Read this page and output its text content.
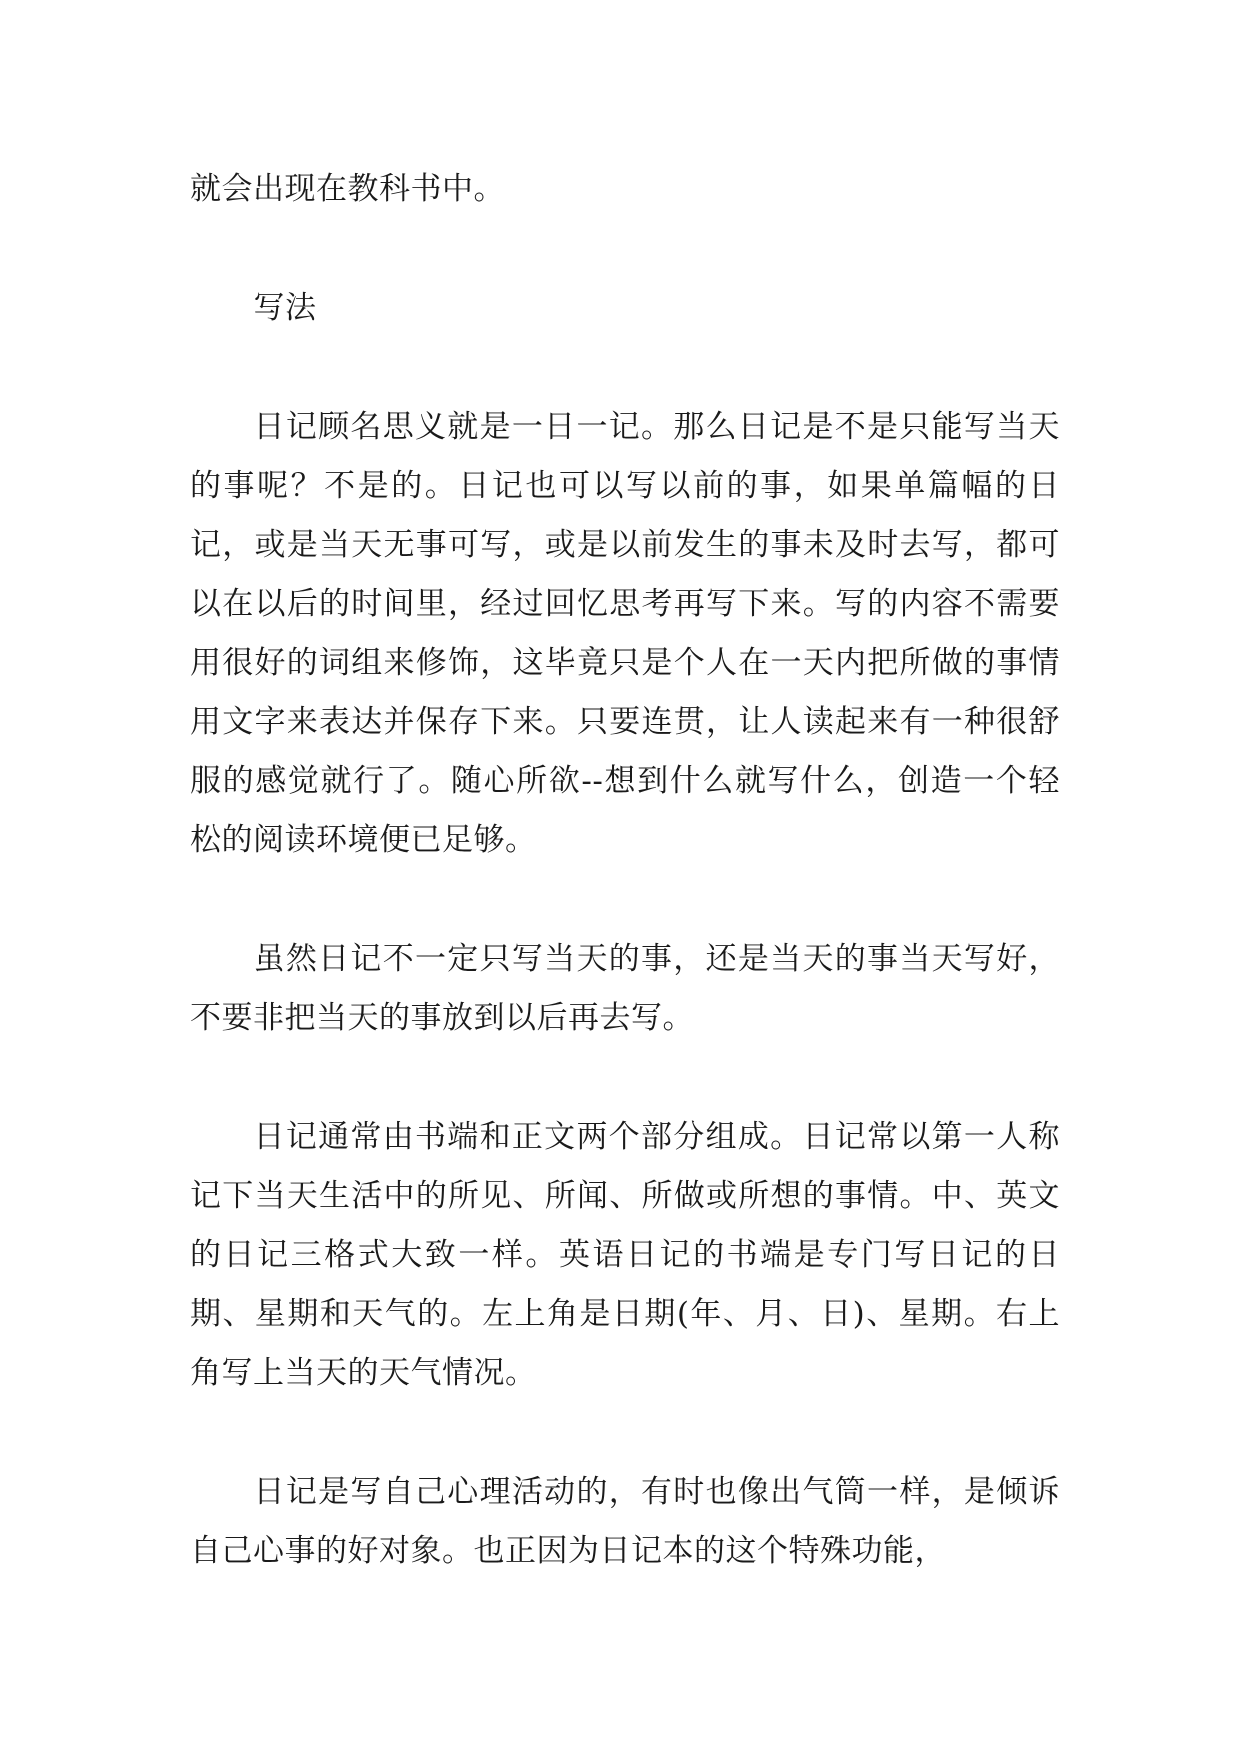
就会出现在教科书中。

写法

日记顾名思义就是一日一记。那么日记是不是只能写当天的事呢？不是的。日记也可以写以前的事，如果单篇幅的日记，或是当天无事可写，或是以前发生的事未及时去写，都可以在以后的时间里，经过回忆思考再写下来。写的内容不需要用很好的词组来修饰，这毕竟只是个人在一天内把所做的事情用文字来表达并保存下来。只要连贯，让人读起来有一种很舒服的感觉就行了。随心所欲--想到什么就写什么，创造一个轻松的阅读环境便已足够。

虽然日记不一定只写当天的事，还是当天的事当天写好，不要非把当天的事放到以后再去写。

日记通常由书端和正文两个部分组成。日记常以第一人称记下当天生活中的所见、所闻、所做或所想的事情。中、英文的日记三格式大致一样。英语日记的书端是专门写日记的日期、星期和天气的。左上角是日期(年、月、日)、星期。右上角写上当天的天气情况。

日记是写自己心理活动的，有时也像出气筒一样，是倾诉自己心事的好对象。也正因为日记本的这个特殊功能，
